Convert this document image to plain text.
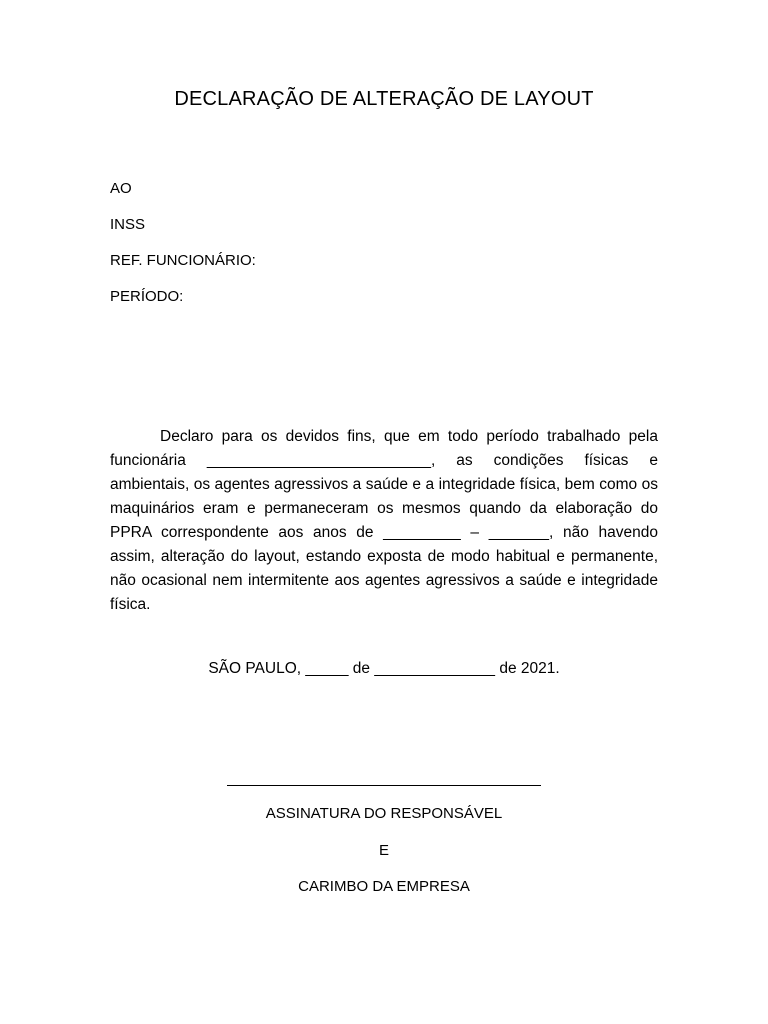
DECLARAÇÃO DE ALTERAÇÃO DE LAYOUT
AO
INSS
REF. FUNCIONÁRIO:
PERÍODO:

Declaro para os devidos fins, que em todo período trabalhado pela funcionária __________________________, as condições físicas e ambientais, os agentes agressivos a saúde e a integridade física, bem como os maquinários eram e permaneceram os mesmos quando da elaboração do PPRA correspondente aos anos de _________ – _______, não havendo assim, alteração do layout, estando exposta de modo habitual e permanente, não ocasional nem intermitente aos agentes agressivos a saúde e integridade física.

SÃO PAULO, _____ de ______________ de 2021.
ASSINATURA DO RESPONSÁVEL
E
CARIMBO DA EMPRESA
